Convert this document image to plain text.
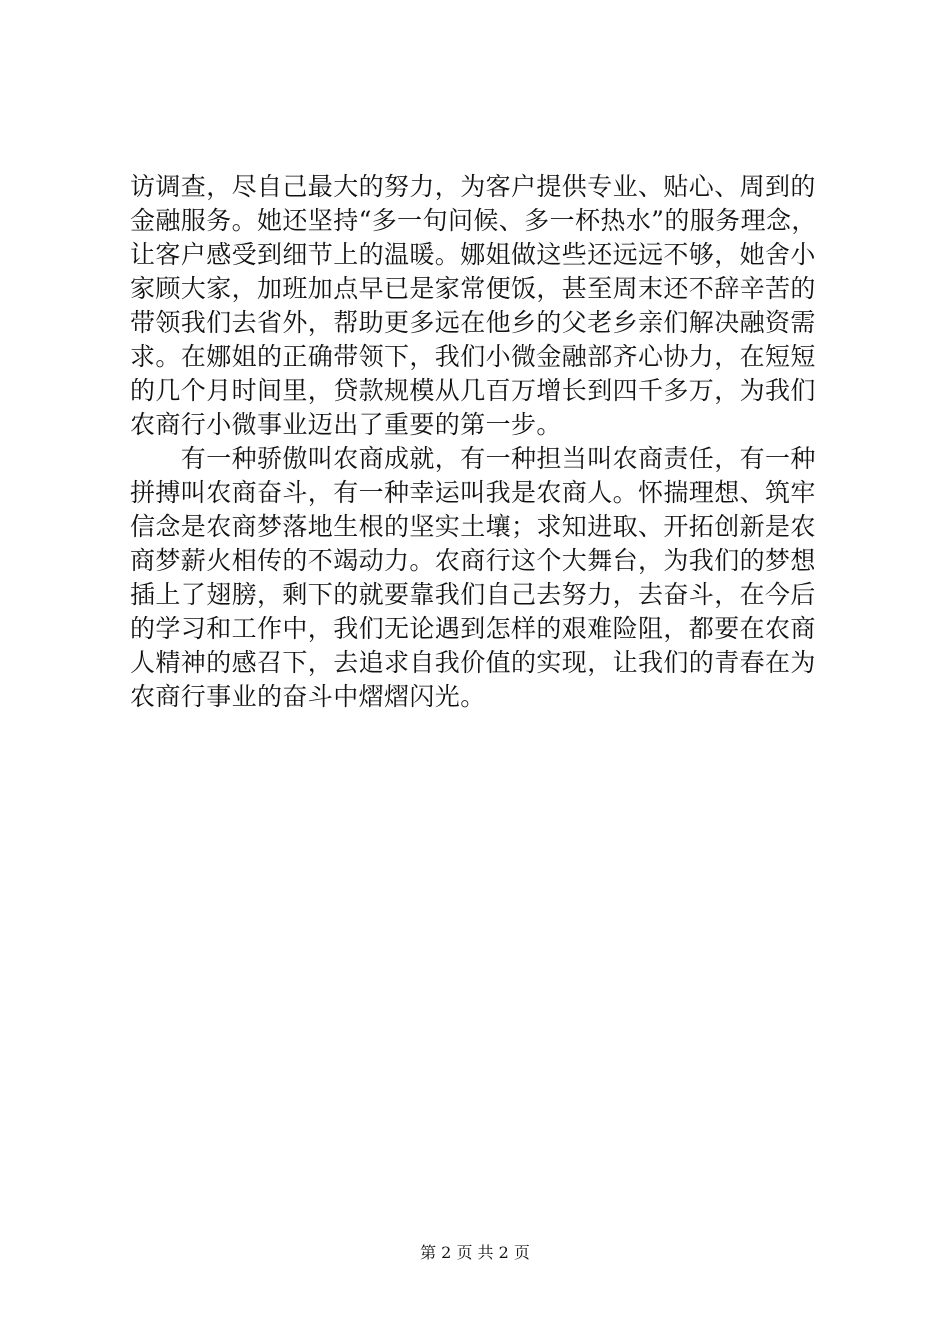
访调查，尽自己最大的努力，为客户提供专业、贴心、周到的
金融服务。她还坚持“多一句问候、多一杯热水”的服务理念，
让客户感受到细节上的温暖。娜姐做这些还远远不够，她舍小
家顾大家，加班加点早已是家常便饭，甚至周末还不辞辛苦的
带领我们去省外，帮助更多远在他乡的父老乡亲们解决融资需
求。在娜姐的正确带领下，我们小微金融部齐心协力，在短短
的几个月时间里，贷款规模从几百万增长到四千多万，为我们
农商行小微事业迈出了重要的第一步。
　　有一种骄傲叫农商成就，有一种担当叫农商责任，有一种
拼搏叫农商奋斗，有一种幸运叫我是农商人。怀揣理想、筑牢
信念是农商梦落地生根的坚实土壤；求知进取、开拓创新是农
商梦薪火相传的不竭动力。农商行这个大舞台，为我们的梦想
插上了翅膀，剩下的就要靠我们自己去努力，去奋斗，在今后
的学习和工作中，我们无论遇到怎样的艰难险阻，都要在农商
人精神的感召下，去追求自我价值的实现，让我们的青春在为
农商行事业的奋斗中熠熠闪光。
第 2 页 共 2 页
